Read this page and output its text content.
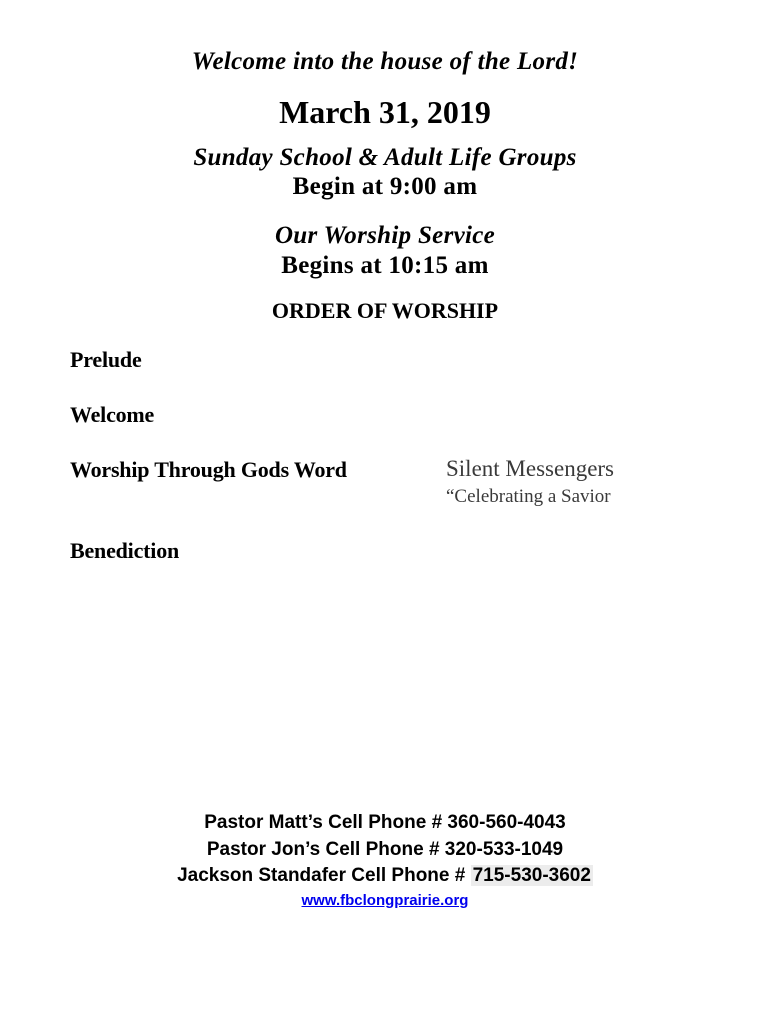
Welcome into the house of the Lord!
March 31, 2019
Sunday School & Adult Life Groups
Begin at 9:00 am
Our Worship Service
Begins at 10:15 am
ORDER OF WORSHIP
Prelude
Welcome
Worship Through Gods Word	Silent Messengers
“Celebrating a Savior
Benediction
Pastor Matt’s Cell Phone # 360-560-4043
Pastor Jon’s Cell Phone # 320-533-1049
Jackson Standafer Cell Phone # 715-530-3602
www.fbclongprairie.org
